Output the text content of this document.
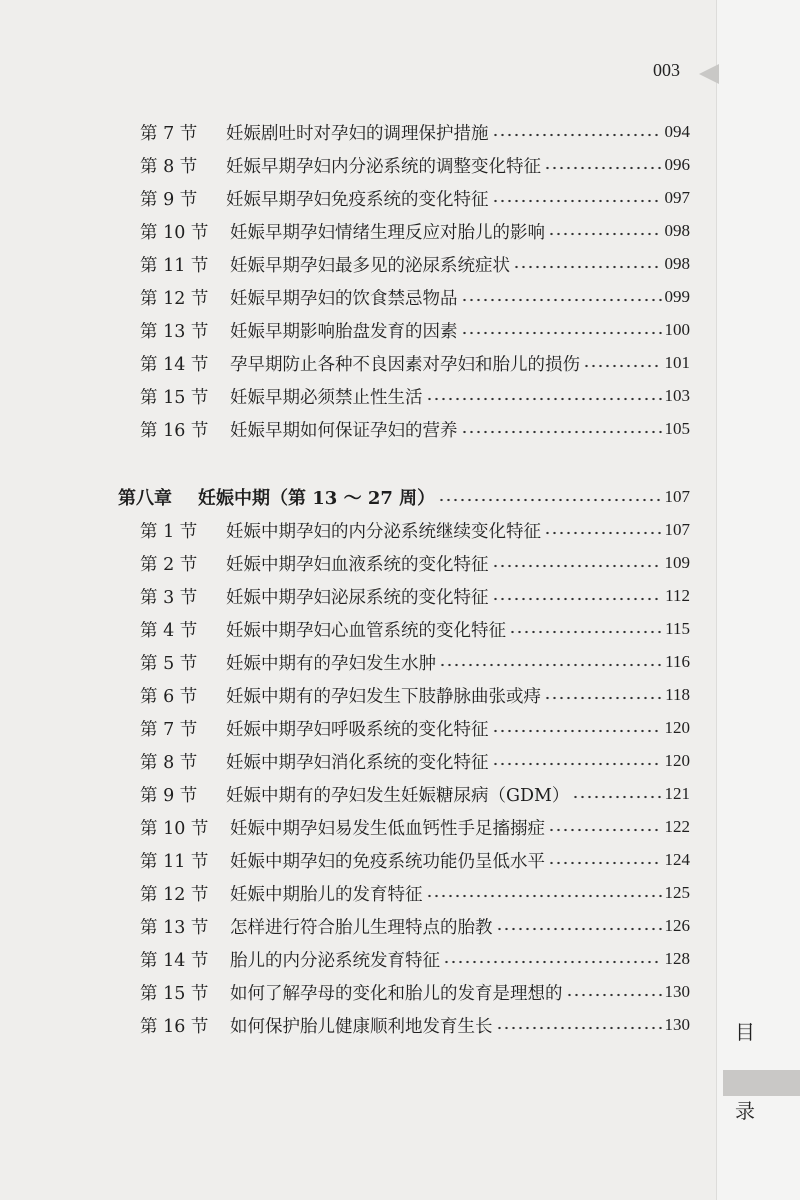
003
目
录
第 7 节	妊娠剧吐时对孕妇的调理保护措施	094
第 8 节	妊娠早期孕妇内分泌系统的调整变化特征	096
第 9 节	妊娠早期孕妇免疫系统的变化特征	097
第 10 节	妊娠早期孕妇情绪生理反应对胎儿的影响	098
第 11 节	妊娠早期孕妇最多见的泌尿系统症状	098
第 12 节	妊娠早期孕妇的饮食禁忌物品	099
第 13 节	妊娠早期影响胎盘发育的因素	100
第 14 节	孕早期防止各种不良因素对孕妇和胎儿的损伤	101
第 15 节	妊娠早期必须禁止性生活	103
第 16 节	妊娠早期如何保证孕妇的营养	105
第八章	妊娠中期（第 13 ～ 27 周）	107
第 1 节	妊娠中期孕妇的内分泌系统继续变化特征	107
第 2 节	妊娠中期孕妇血液系统的变化特征	109
第 3 节	妊娠中期孕妇泌尿系统的变化特征	112
第 4 节	妊娠中期孕妇心血管系统的变化特征	115
第 5 节	妊娠中期有的孕妇发生水肿	116
第 6 节	妊娠中期有的孕妇发生下肢静脉曲张或痔	118
第 7 节	妊娠中期孕妇呼吸系统的变化特征	120
第 8 节	妊娠中期孕妇消化系统的变化特征	120
第 9 节	妊娠中期有的孕妇发生妊娠糖尿病（GDM）	121
第 10 节	妊娠中期孕妇易发生低血钙性手足搐搦症	122
第 11 节	妊娠中期孕妇的免疫系统功能仍呈低水平	124
第 12 节	妊娠中期胎儿的发育特征	125
第 13 节	怎样进行符合胎儿生理特点的胎教	126
第 14 节	胎儿的内分泌系统发育特征	128
第 15 节	如何了解孕母的变化和胎儿的发育是理想的	130
第 16 节	如何保护胎儿健康顺利地发育生长	130
